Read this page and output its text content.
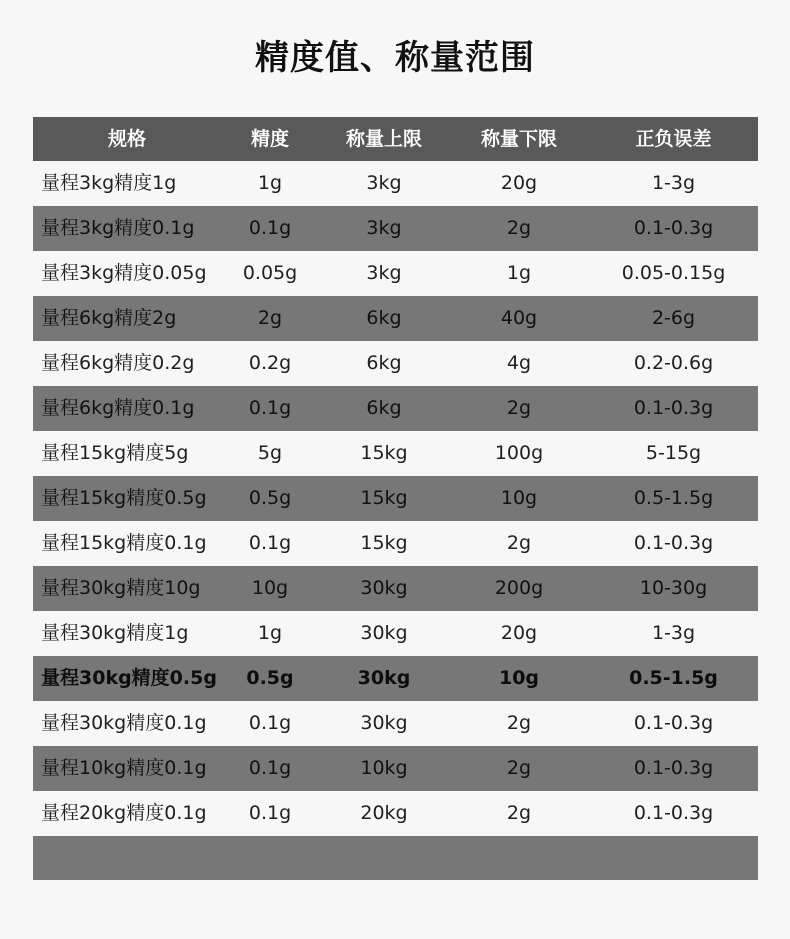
精度值、称量范围
规格	精度	称量上限	称量下限	正负误差
量程3kg精度1g	1g	3kg	20g	1-3g
量程3kg精度0.1g	0.1g	3kg	2g	0.1-0.3g
量程3kg精度0.05g	0.05g	3kg	1g	0.05-0.15g
量程6kg精度2g	2g	6kg	40g	2-6g
量程6kg精度0.2g	0.2g	6kg	4g	0.2-0.6g
量程6kg精度0.1g	0.1g	6kg	2g	0.1-0.3g
量程15kg精度5g	5g	15kg	100g	5-15g
量程15kg精度0.5g	0.5g	15kg	10g	0.5-1.5g
量程15kg精度0.1g	0.1g	15kg	2g	0.1-0.3g
量程30kg精度10g	10g	30kg	200g	10-30g
量程30kg精度1g	1g	30kg	20g	1-3g
量程30kg精度0.5g	0.5g	30kg	10g	0.5-1.5g
量程30kg精度0.1g	0.1g	30kg	2g	0.1-0.3g
量程10kg精度0.1g	0.1g	10kg	2g	0.1-0.3g
量程20kg精度0.1g	0.1g	20kg	2g	0.1-0.3g
